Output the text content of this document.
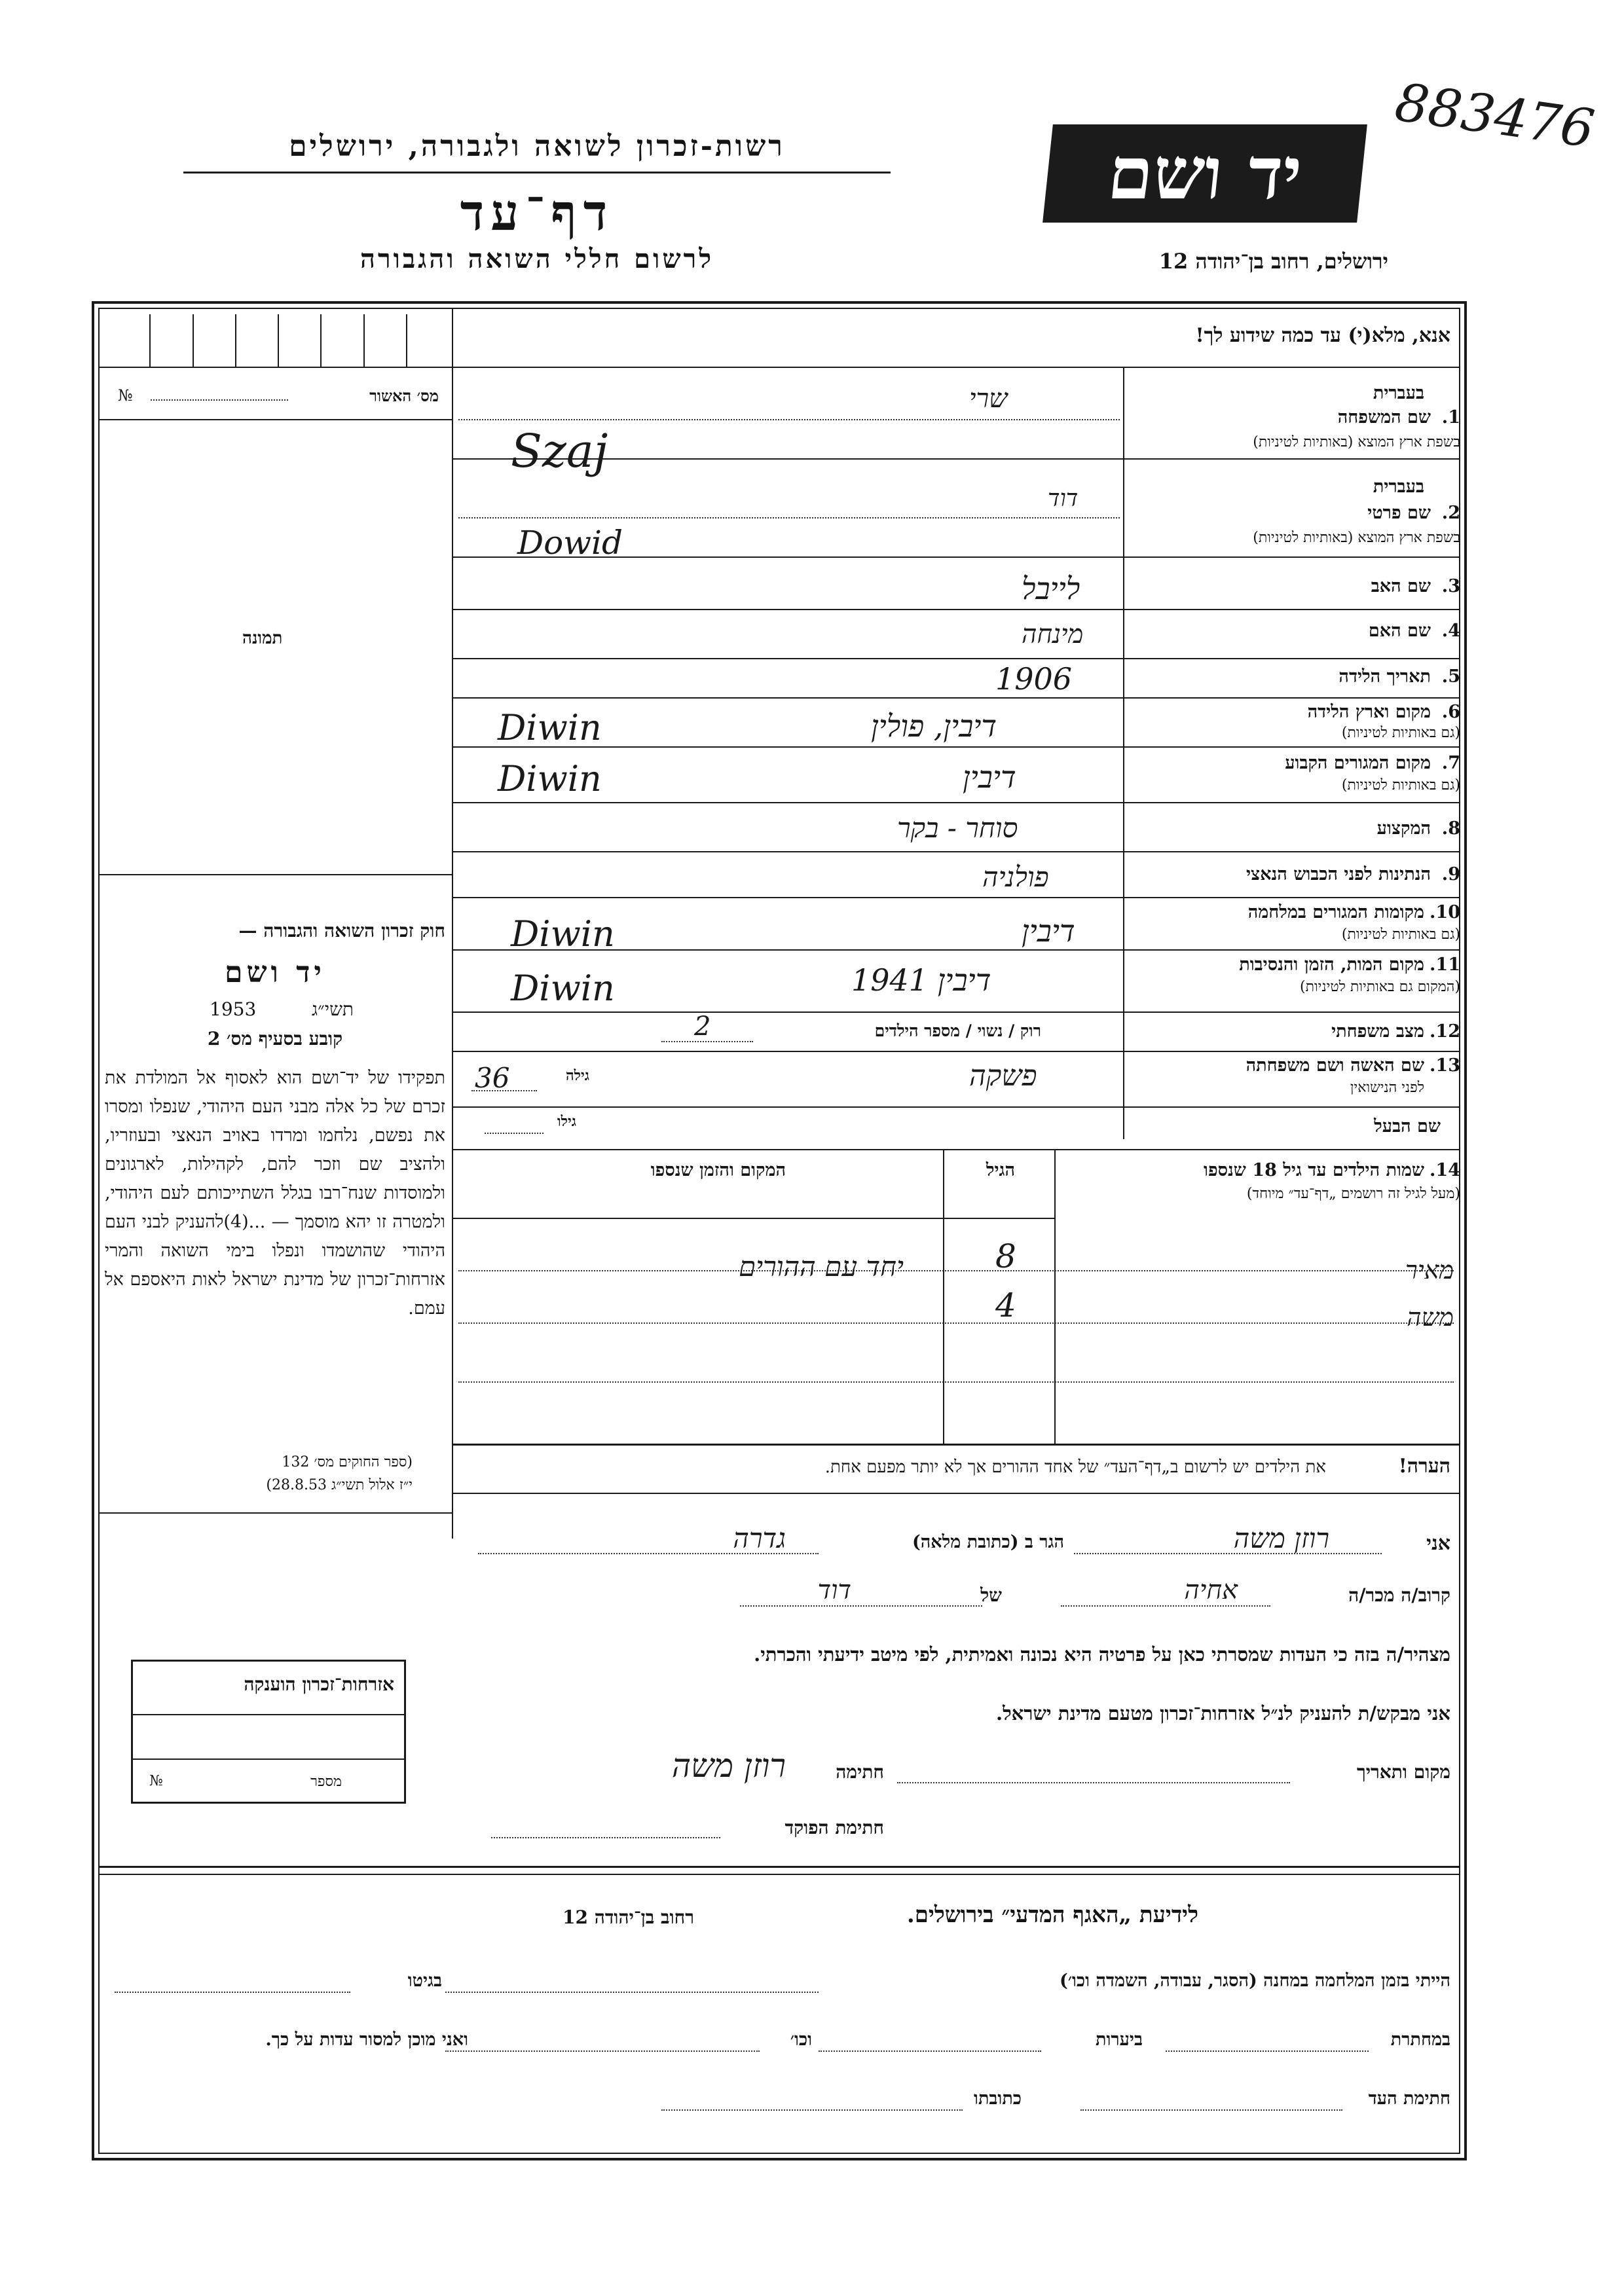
883476
יד ושם
רשות-זכרון לשואה ולגבורה, ירושלים
דף־עד
לרשום חללי השואה והגבורה	ירושלים, רחוב בן־יהודה 12
אנא, מלא(י) עד כמה שידוע לך!
מס׳ האשור
№
תמונה
בעברית
1.
שם המשפחה
בשפת ארץ המוצא (באותיות לטיניות)
שרי
Szaj
בעברית
2.
שם פרטי
בשפת ארץ המוצא (באותיות לטיניות)
דוד
Dowid
3.
שם האב
לייבל
4.
שם האם
מינחה
5.
תאריך הלידה
1906
6.
מקום וארץ הלידה
(גם באותיות לטיניות)
דיבין, פולין
Diwin
7.
מקום המגורים הקבוע
(גם באותיות לטיניות)
דיבין
Diwin
8.
המקצוע
סוחר - בקר
9.
הנתינות לפני הכבוש הנאצי
פולניה
10.
מקומות המגורים במלחמה
(גם באותיות לטיניות)
דיבין
Diwin
11.
מקום המות, הזמן והנסיבות
(המקום גם באותיות לטיניות)
דיבין 1941
Diwin
12.
מצב משפחתי
רוק / נשוי / מספר הילדים
2
13.
שם האשה ושם משפחתה
לפני הנישואין
פשקה
גילה
36
שם הבעל
גילו
14.
שמות הילדים עד גיל 18 שנספו
(מעל לגיל זה רושמים „דף־עד״ מיוחד)
הגיל
המקום והזמן שנספו
מאיר
8
יחד עם ההורים
משה
4
הערה!
את הילדים יש לרשום ב„דף־העד״ של אחד ההורים אך לא יותר מפעם אחת.
חוק זכרון השואה והגבורה —
יד ושם
תשי״ג
1953
קובע בסעיף מס׳ 2
תפקידו של יד־ושם הוא לאסוף אל המולדת את זכרם של כל אלה מבני העם היהודי, שנפלו ומסרו את נפשם, נלחמו ומרדו באויב הנאצי ובעוזריו, ולהציב שם וזכר להם, לקהילות, לארגונים ולמוסדות שנח־רבו בגלל השתייכותם לעם היהודי, ולמטרה זו יהא מוסמך — ...(4)להעניק לבני העם היהודי שהושמדו ונפלו בימי השואה והמרי אזרחות־זכרון של מדינת ישראל לאות היאספם אל עמם.
(ספר החוקים מס׳ 132
י״ז אלול תשי״ג 28.8.53)
אני
רוזן משה
הגר ב (כתובת מלאה)
גדרה
קרוב/ה מכר/ה
אחיה
של
דוד
מצהיר/ה בזה כי העדות שמסרתי כאן על פרטיה היא נכונה ואמיתית, לפי מיטב ידיעתי והכרתי.
אני מבקש/ת להעניק לנ״ל אזרחות־זכרון מטעם מדינת ישראל.
מקום ותאריך
חתימה
רוזן משה
חתימת הפוקד
אזרחות־זכרון הוענקה
מספר
№
לידיעת „האגף המדעי״ בירושלים.
רחוב בן־יהודה 12
הייתי בזמן המלחמה במחנה (הסגר, עבודה, השמדה וכו׳)
בגיטו
במחתרת
ביערות
וכו׳
ואני מוכן למסור עדות על כך.
חתימת העד
כתובתו
